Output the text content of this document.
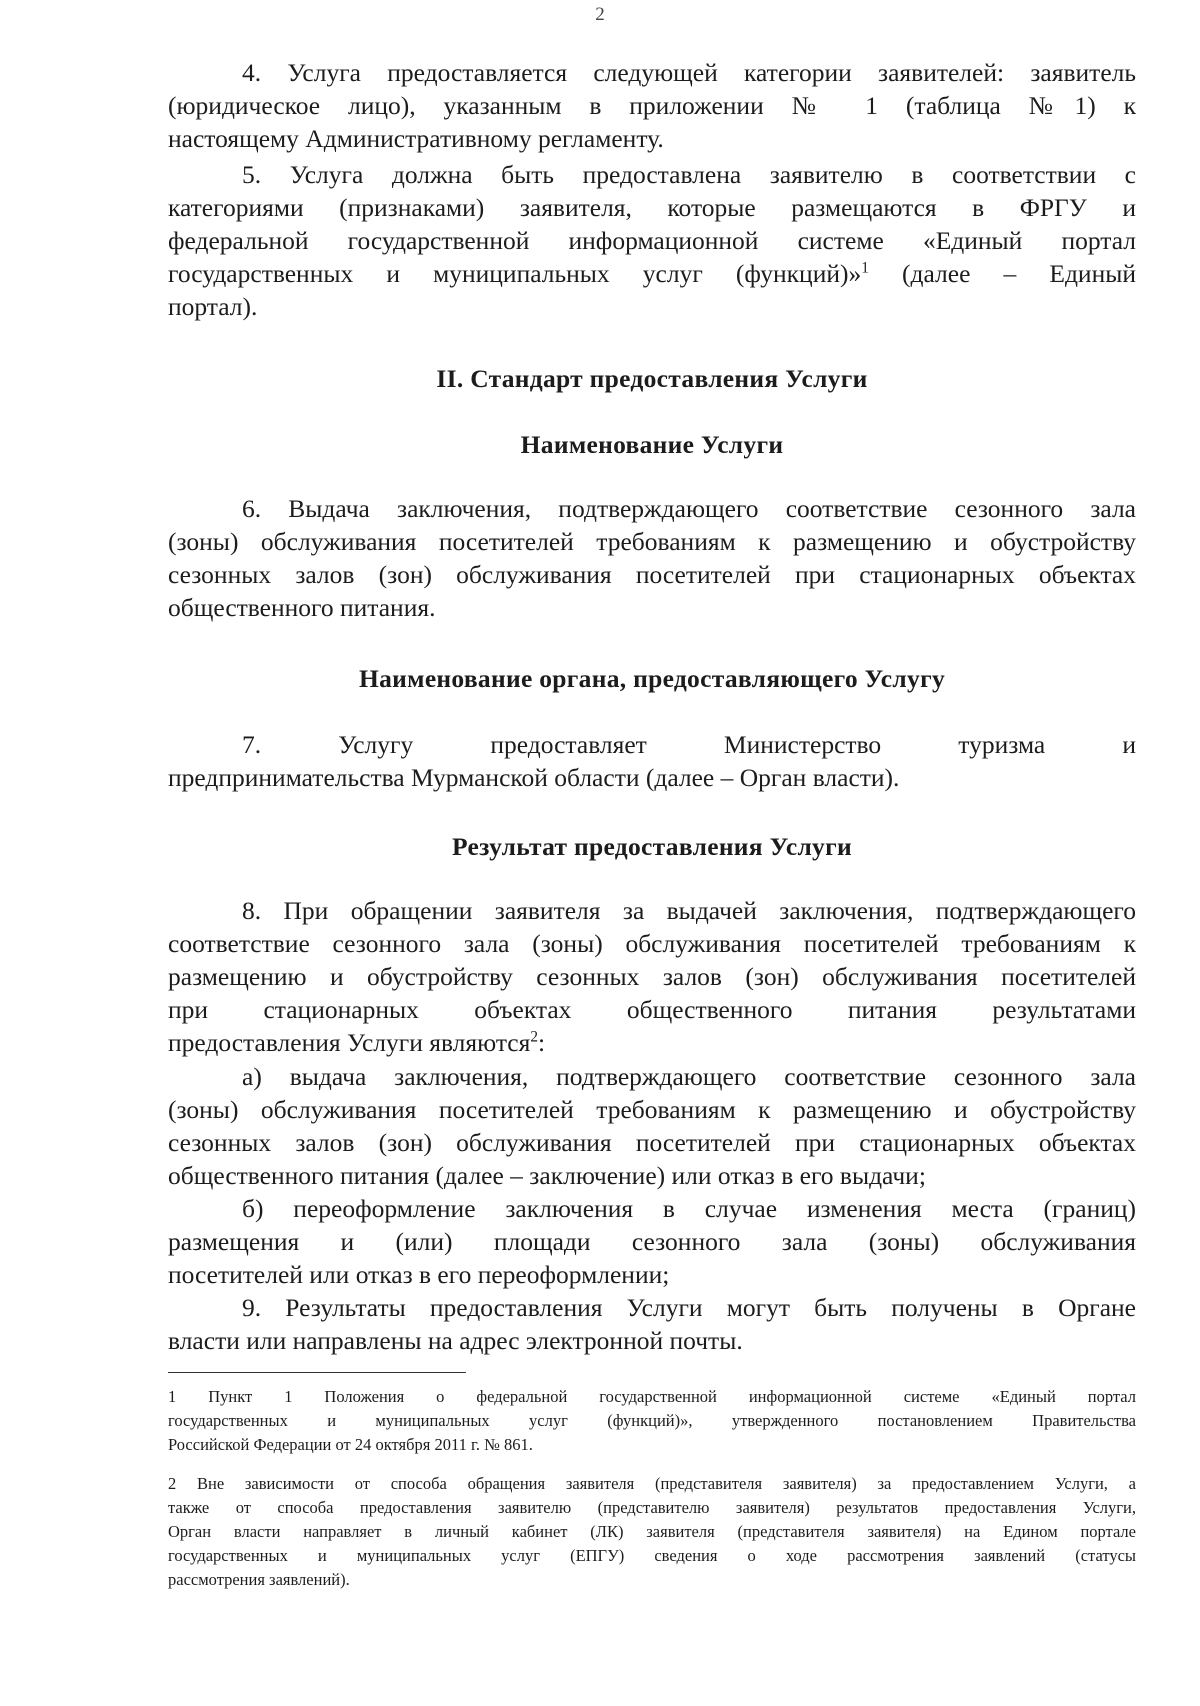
2
4. Услуга предоставляется следующей категории заявителей: заявитель
(юридическое лицо), указанным в приложении № 1 (таблица №1) к
настоящему Административному регламенту.
5. Услуга должна быть предоставлена заявителю в соответствии с
категориями (признаками) заявителя, которые размещаются в ФРГУ и
федеральной государственной информационной системе «Единый портал
государственных и муниципальных услуг (функций)»$^1$ (далее – Единый
портал).
II. Стандарт предоставления Услуги
Наименование Услуги
6. Выдача заключения, подтверждающего соответствие сезонного зала
(зоны) обслуживания посетителей требованиям к размещению и обустройству
сезонных залов (зон) обслуживания посетителей при стационарных объектах
общественного питания.
Наименование органа, предоставляющего Услугу
7. Услугу предоставляет Министерство туризма и
предпринимательства Мурманской области (далее – Орган власти).
Результат предоставления Услуги
8. При обращении заявителя за выдачей заключения, подтверждающего
соответствие сезонного зала (зоны) обслуживания посетителей требованиям к
размещению и обустройству сезонных залов (зон) обслуживания посетителей
при стационарных объектах общественного питания результатами
предоставления Услуги являются$^2$:
а) выдача заключения, подтверждающего соответствие сезонного зала
(зоны) обслуживания посетителей требованиям к размещению и обустройству
сезонных залов (зон) обслуживания посетителей при стационарных объектах
общественного питания (далее – заключение) или отказ в его выдачи;
б) переоформление заключения в случае изменения места (границ)
размещения и (или) площади сезонного зала (зоны) обслуживания
посетителей или отказ в его переоформлении;
9. Результаты предоставления Услуги могут быть получены в Органе
власти или направлены на адрес электронной почты.
1 Пункт 1 Положения о федеральной государственной информационной системе «Единый портал
государственных и муниципальных услуг (функций)», утвержденного постановлением Правительства
Российской Федерации от 24 октября 2011 г. № 861.
2 Вне зависимости от способа обращения заявителя (представителя заявителя) за предоставлением Услуги, а
также от способа предоставления заявителю (представителю заявителя) результатов предоставления Услуги,
Орган власти направляет в личный кабинет (ЛК) заявителя (представителя заявителя) на Едином портале
государственных и муниципальных услуг (ЕПГУ) сведения о ходе рассмотрения заявлений (статусы
рассмотрения заявлений).
